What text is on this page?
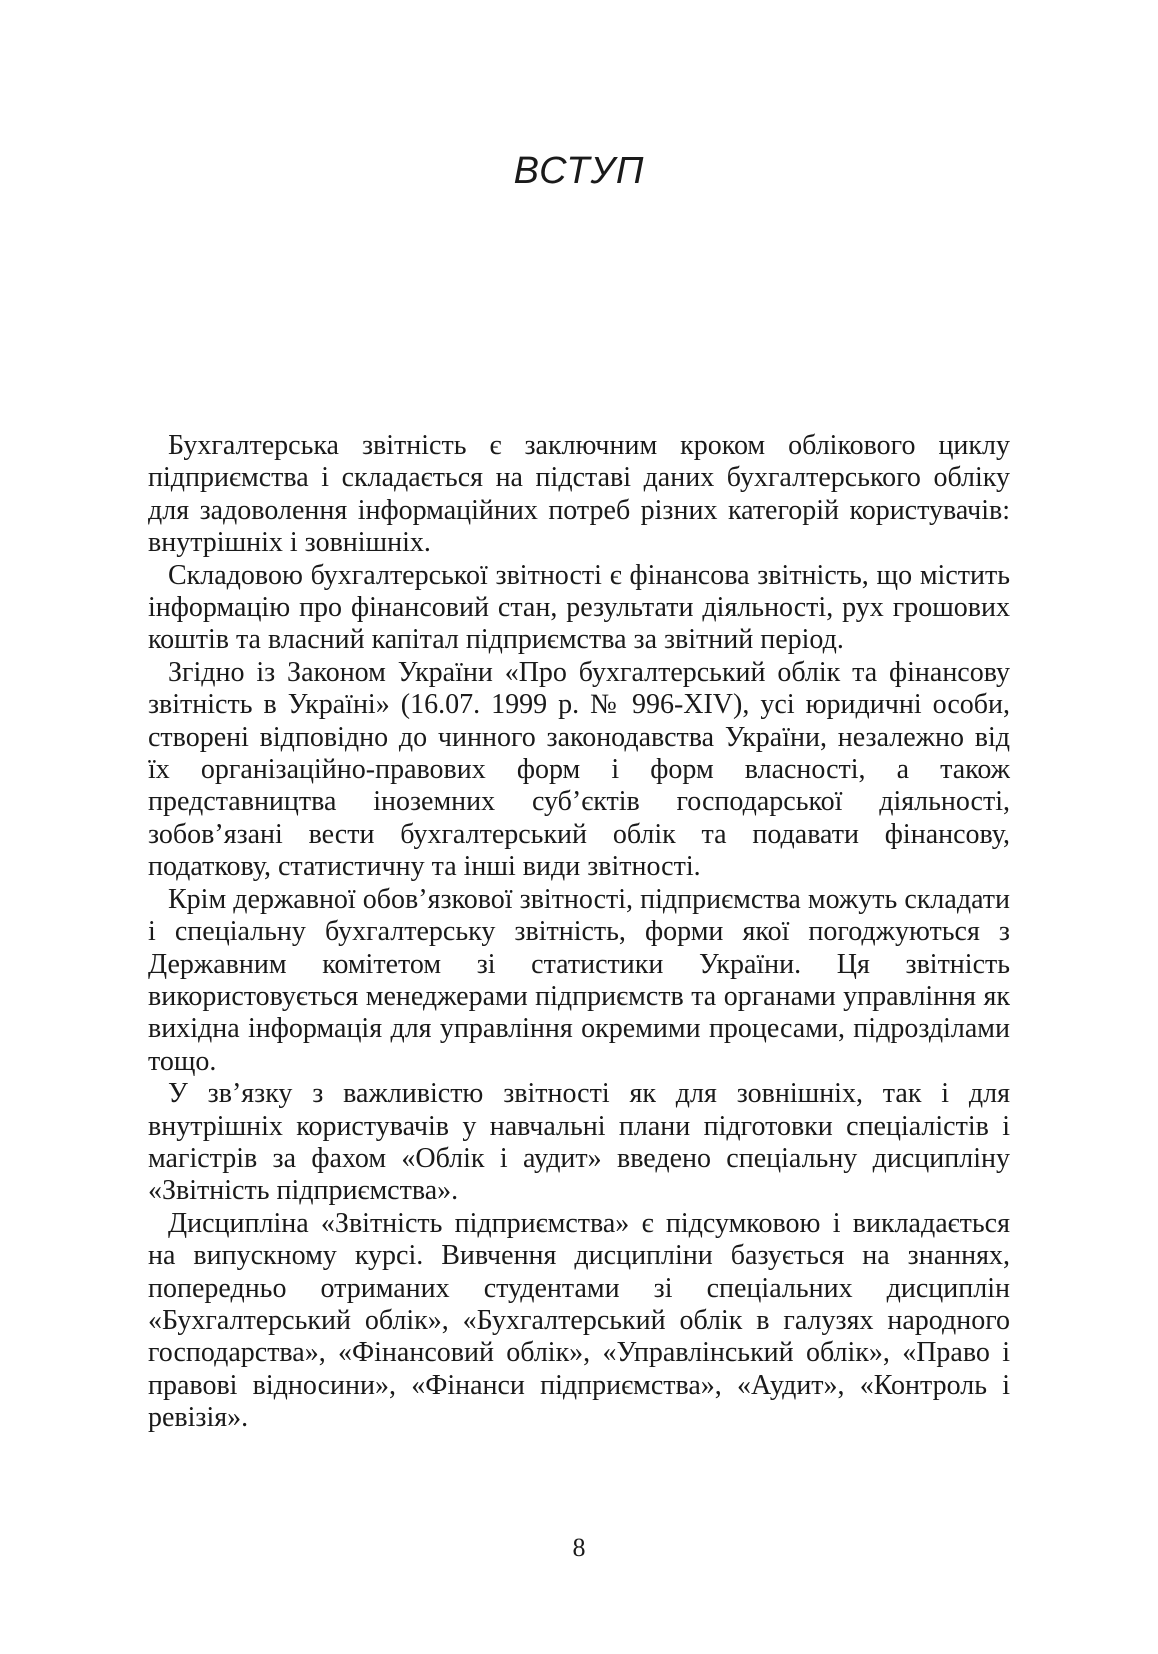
ВСТУП

Бухгалтерська звітність є заключним кроком облікового циклу підприємства і складається на підставі даних бухгалтерського обліку для задоволення інформаційних потреб різних категорій користувачів: внутрішніх і зовнішніх.

Складовою бухгалтерської звітності є фінансова звітність, що містить інформацію про фінансовий стан, результати діяльності, рух грошових коштів та власний капітал підприємства за звітний період.

Згідно із Законом України «Про бухгалтерський облік та фінансову звітність в Україні» (16.07. 1999 р. № 996-XIV), усі юридичні особи, створені відповідно до чинного законодавства України, незалежно від їх організаційно-правових форм і форм власності, а також представництва іноземних суб’єктів господарської діяльності, зобов’язані вести бухгалтерський облік та подавати фінансову, податкову, статистичну та інші види звітності.

Крім державної обов’язкової звітності, підприємства можуть складати і спеціальну бухгалтерську звітність, форми якої погоджуються з Державним комітетом зі статистики України. Ця звітність використовується менеджерами підприємств та органами управління як вихідна інформація для управління окремими процесами, підрозділами тощо.

У зв’язку з важливістю звітності як для зовнішніх, так і для внутрішніх користувачів у навчальні плани підготовки спеціалістів і магістрів за фахом «Облік і аудит» введено спеціальну дисципліну «Звітність підприємства».

Дисципліна «Звітність підприємства» є підсумковою і викладається на випускному курсі. Вивчення дисципліни базується на знаннях, попередньо отриманих студентами зі спеціальних дисциплін «Бухгалтерський облік», «Бухгалтерський облік в галузях народного господарства», «Фінансовий облік», «Управлінський облік», «Право і правові відносини», «Фінанси підприємства», «Аудит», «Контроль і ревізія».

8
